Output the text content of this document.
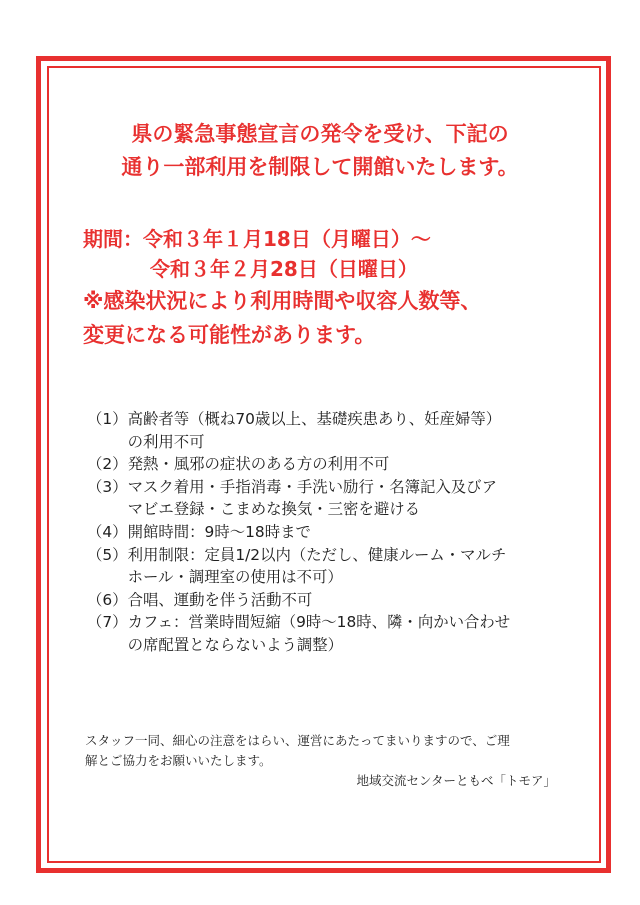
県の緊急事態宣言の発令を受け、下記の
通り一部利用を制限して開館いたします。
期間：令和３年１月18日（月曜日）～
令和３年２月28日（日曜日）
※感染状況により利用時間や収容人数等、
変更になる可能性があります。
（1） 高齢者等（概ね70歳以上、基礎疾患あり、妊産婦等）
の利用不可
（2） 発熱・風邪の症状のある方の利用不可
（3） マスク着用・手指消毒・手洗い励行・名簿記入及びア
マビエ登録・こまめな換気・三密を避ける
（4） 開館時間：9時～18時まで
（5） 利用制限：定員1/2以内（ただし、健康ルーム・マルチ
ホール・調理室の使用は不可）
（6） 合唱、運動を伴う活動不可
（7） カフェ：営業時間短縮（9時～18時、隣・向かい合わせ
の席配置とならないよう調整）
スタッフ一同、細心の注意をはらい、運営にあたってまいりますので、ご理
解とご協力をお願いいたします。
地域交流センターともべ「トモア」
